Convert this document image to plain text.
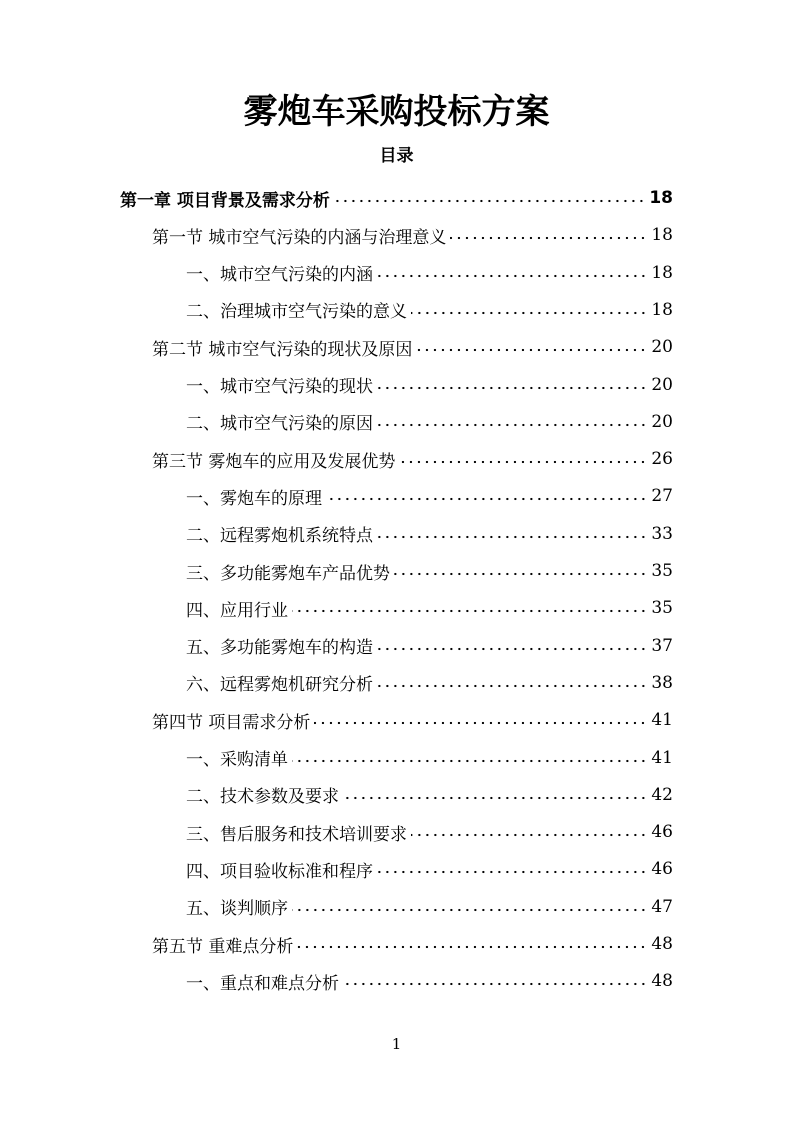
雾炮车采购投标方案
目录
第一章 项目背景及需求分析	18
第一节 城市空气污染的内涵与治理意义	18
一、城市空气污染的内涵	18
二、治理城市空气污染的意义	18
第二节 城市空气污染的现状及原因	20
一、城市空气污染的现状	20
二、城市空气污染的原因	20
第三节 雾炮车的应用及发展优势	26
一、雾炮车的原理	27
二、远程雾炮机系统特点	33
三、多功能雾炮车产品优势	35
四、应用行业	35
五、多功能雾炮车的构造	37
六、远程雾炮机研究分析	38
第四节 项目需求分析	41
一、采购清单	41
二、技术参数及要求	42
三、售后服务和技术培训要求	46
四、项目验收标准和程序	46
五、谈判顺序	47
第五节 重难点分析	48
一、重点和难点分析	48
1
